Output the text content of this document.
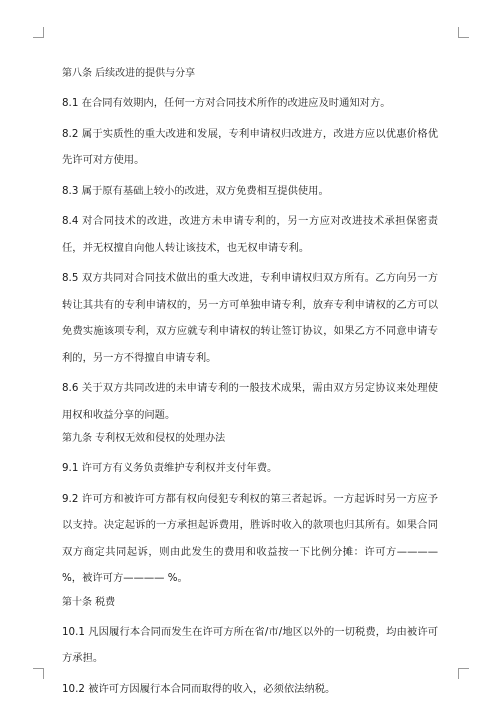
第八条 后续改进的提供与分享

8.1 在合同有效期内，任何一方对合同技术所作的改进应及时通知对方。

8.2 属于实质性的重大改进和发展，专利申请权归改进方，改进方应以优惠价格优先许可对方使用。

8.3 属于原有基础上较小的改进，双方免费相互提供使用。

8.4 对合同技术的改进，改进方未申请专利的，另一方应对改进技术承担保密责任，并无权擅自向他人转让该技术，也无权申请专利。

8.5 双方共同对合同技术做出的重大改进，专利申请权归双方所有。乙方向另一方转让其共有的专利申请权的，另一方可单独申请专利，放弃专利申请权的乙方可以免费实施该项专利，双方应就专利申请权的转让签订协议，如果乙方不同意申请专利的，另一方不得擅自申请专利。

8.6 关于双方共同改进的未申请专利的一般技术成果，需由双方另定协议来处理使用权和收益分享的问题。

第九条 专利权无效和侵权的处理办法

9.1 许可方有义务负责维护专利权并支付年费。

9.2 许可方和被许可方都有权向侵犯专利权的第三者起诉。一方起诉时另一方应予以支持。决定起诉的一方承担起诉费用，胜诉时收入的款项也归其所有。如果合同双方商定共同起诉，则由此发生的费用和收益按一下比例分摊：许可方———— %，被许可方———— %。

第十条 税费

10.1 凡因履行本合同而发生在许可方所在省/市/地区以外的一切税费，均由被许可方承担。

10.2 被许可方因履行本合同而取得的收入，必须依法纳税。
